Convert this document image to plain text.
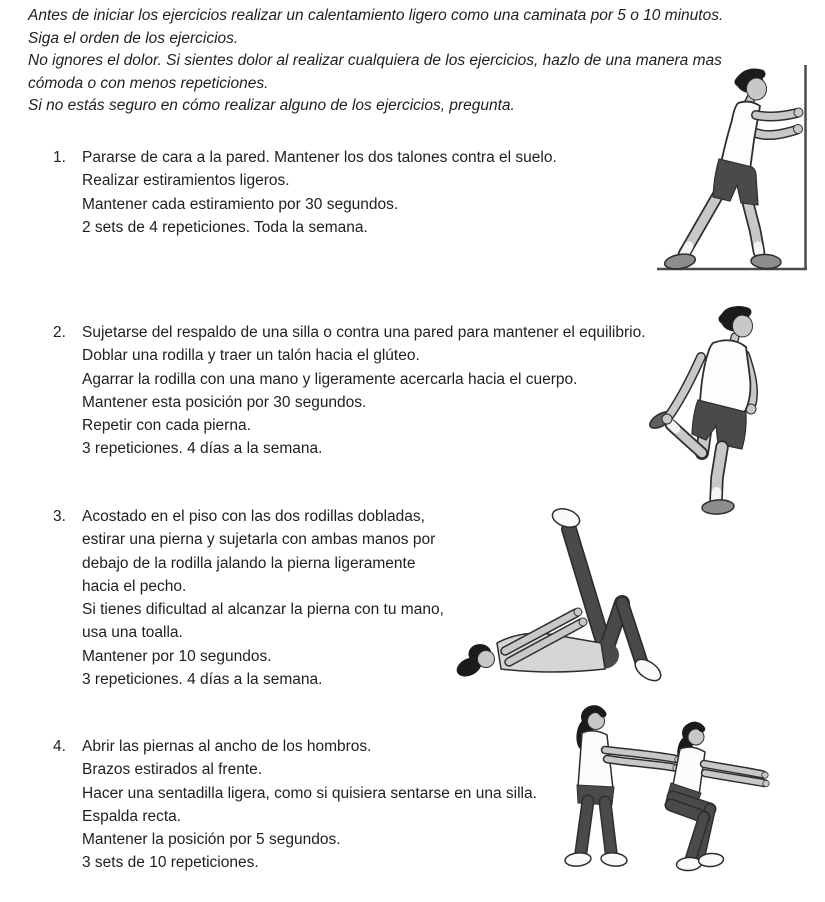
Antes de iniciar los ejercicios realizar un calentamiento ligero como una caminata por 5 o 10 minutos.
Siga el orden de los ejercicios.
No ignores el dolor. Si sientes dolor al realizar cualquiera de los ejercicios, hazlo de una manera mas
cómoda o con menos repeticiones.
Si no estás seguro en cómo realizar alguno de los ejercicios, pregunta.
1.	Pararse de cara a la pared. Mantener los dos talones contra el suelo.
Realizar estiramientos ligeros.
Mantener cada estiramiento por 30 segundos.
2 sets de 4 repeticiones. Toda la semana.
2.	Sujetarse del respaldo de una silla o contra una pared para mantener el equilibrio.
Doblar una rodilla y traer un talón hacia el glúteo.
Agarrar la rodilla con una mano y ligeramente acercarla hacia el cuerpo.
Mantener esta posición por 30 segundos.
Repetir con cada pierna.
3 repeticiones. 4 días a la semana.
3.	Acostado en el piso con las dos rodillas dobladas,
estirar una pierna y sujetarla con ambas manos por
debajo de la rodilla jalando la pierna ligeramente
hacia el pecho.
Si tienes dificultad al alcanzar la pierna con tu mano,
usa una toalla.
Mantener por 10 segundos.
3 repeticiones. 4 días a la semana.
4.	Abrir las piernas al ancho de los hombros.
Brazos estirados al frente.
Hacer una sentadilla ligera, como si quisiera sentarse en una silla.
Espalda recta.
Mantener la posición por 5 segundos.
3 sets de 10 repeticiones.
